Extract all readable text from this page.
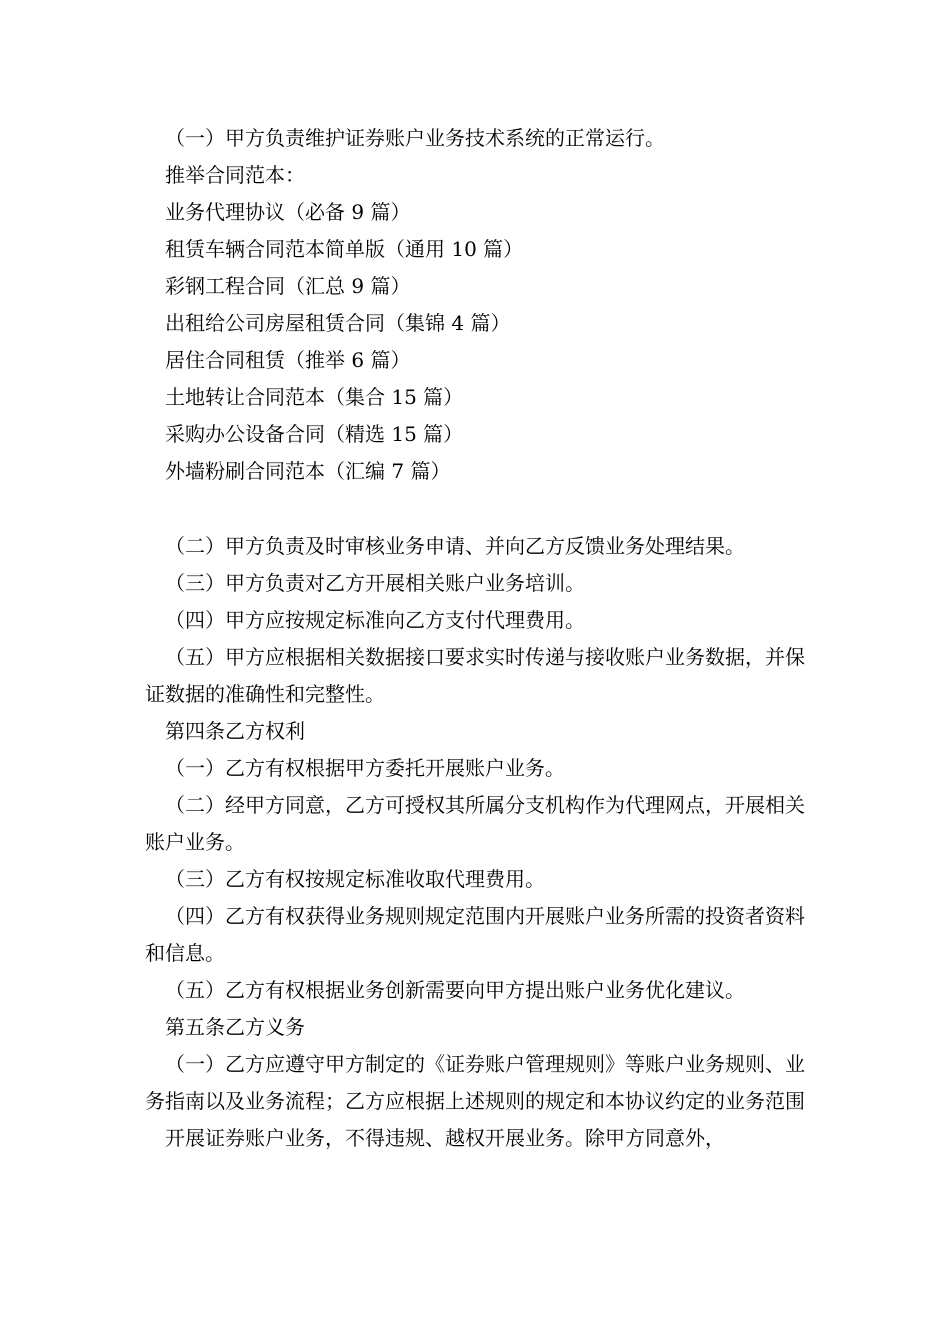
（一）甲方负责维护证券账户业务技术系统的正常运行。

推举合同范本：

业务代理协议（必备 9 篇）

租赁车辆合同范本简单版（通用 10 篇）

彩钢工程合同（汇总 9 篇）

出租给公司房屋租赁合同（集锦 4 篇）

居住合同租赁（推举 6 篇）

土地转让合同范本（集合 15 篇）

采购办公设备合同（精选 15 篇）

外墙粉刷合同范本（汇编 7 篇）

（二）甲方负责及时审核业务申请、并向乙方反馈业务处理结果。

（三）甲方负责对乙方开展相关账户业务培训。

（四）甲方应按规定标准向乙方支付代理费用。

（五）甲方应根据相关数据接口要求实时传递与接收账户业务数据，并保证数据的准确性和完整性。

第四条乙方权利

（一）乙方有权根据甲方委托开展账户业务。

（二）经甲方同意，乙方可授权其所属分支机构作为代理网点，开展相关账户业务。

（三）乙方有权按规定标准收取代理费用。

（四）乙方有权获得业务规则规定范围内开展账户业务所需的投资者资料和信息。

（五）乙方有权根据业务创新需要向甲方提出账户业务优化建议。

第五条乙方义务

（一）乙方应遵守甲方制定的《证券账户管理规则》等账户业务规则、业务指南以及业务流程；乙方应根据上述规则的规定和本协议约定的业务范围

开展证券账户业务，不得违规、越权开展业务。除甲方同意外，
